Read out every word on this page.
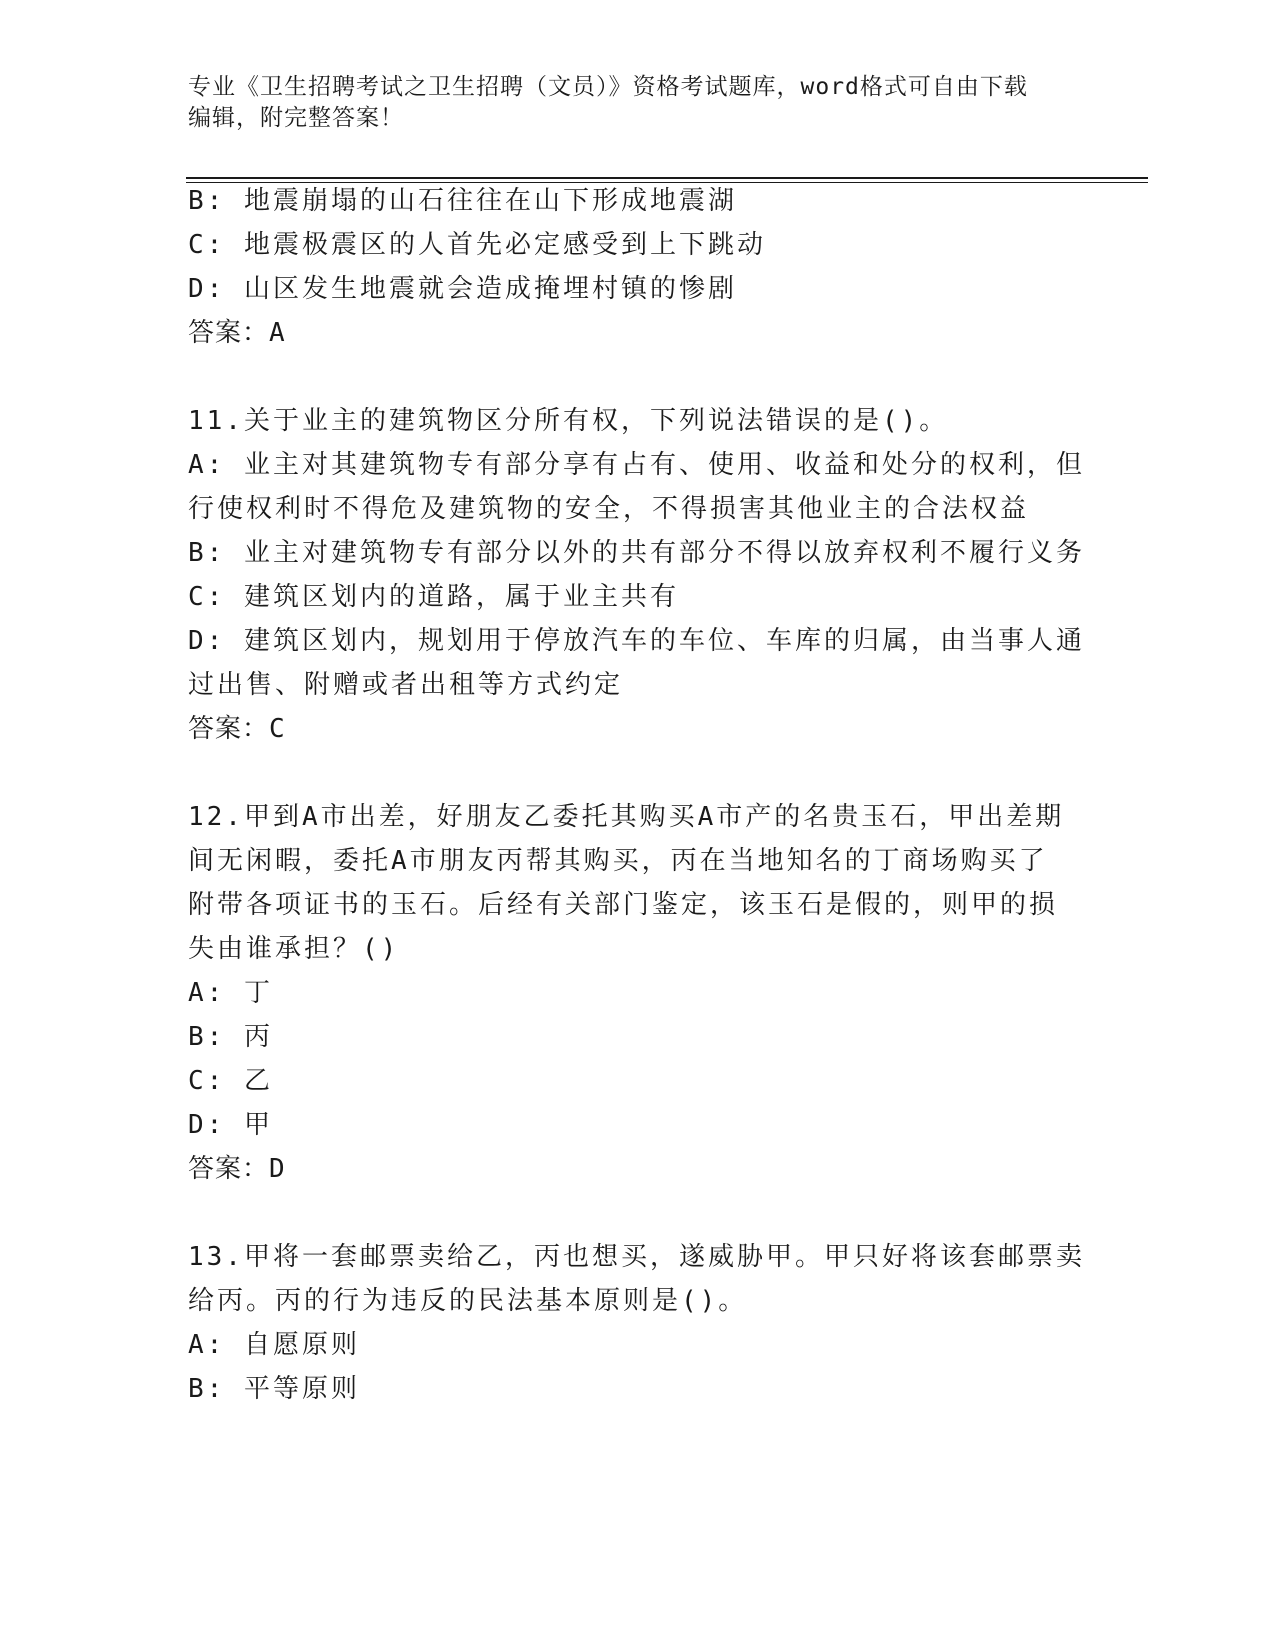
专业《卫生招聘考试之卫生招聘（文员）》资格考试题库，word格式可自由下载
编辑，附完整答案！
B: 地震崩塌的山石往往在山下形成地震湖
C: 地震极震区的人首先必定感受到上下跳动
D: 山区发生地震就会造成掩埋村镇的惨剧
答案：A
11.关于业主的建筑物区分所有权，下列说法错误的是()。
A: 业主对其建筑物专有部分享有占有、使用、收益和处分的权利，但
行使权利时不得危及建筑物的安全，不得损害其他业主的合法权益
B: 业主对建筑物专有部分以外的共有部分不得以放弃权利不履行义务
C: 建筑区划内的道路，属于业主共有
D: 建筑区划内，规划用于停放汽车的车位、车库的归属，由当事人通
过出售、附赠或者出租等方式约定
答案：C
12.甲到A市出差，好朋友乙委托其购买A市产的名贵玉石，甲出差期
间无闲暇，委托A市朋友丙帮其购买，丙在当地知名的丁商场购买了
附带各项证书的玉石。后经有关部门鉴定，该玉石是假的，则甲的损
失由谁承担？()
A: 丁
B: 丙
C: 乙
D: 甲
答案：D
13.甲将一套邮票卖给乙，丙也想买，遂威胁甲。甲只好将该套邮票卖
给丙。丙的行为违反的民法基本原则是()。
A: 自愿原则
B: 平等原则
